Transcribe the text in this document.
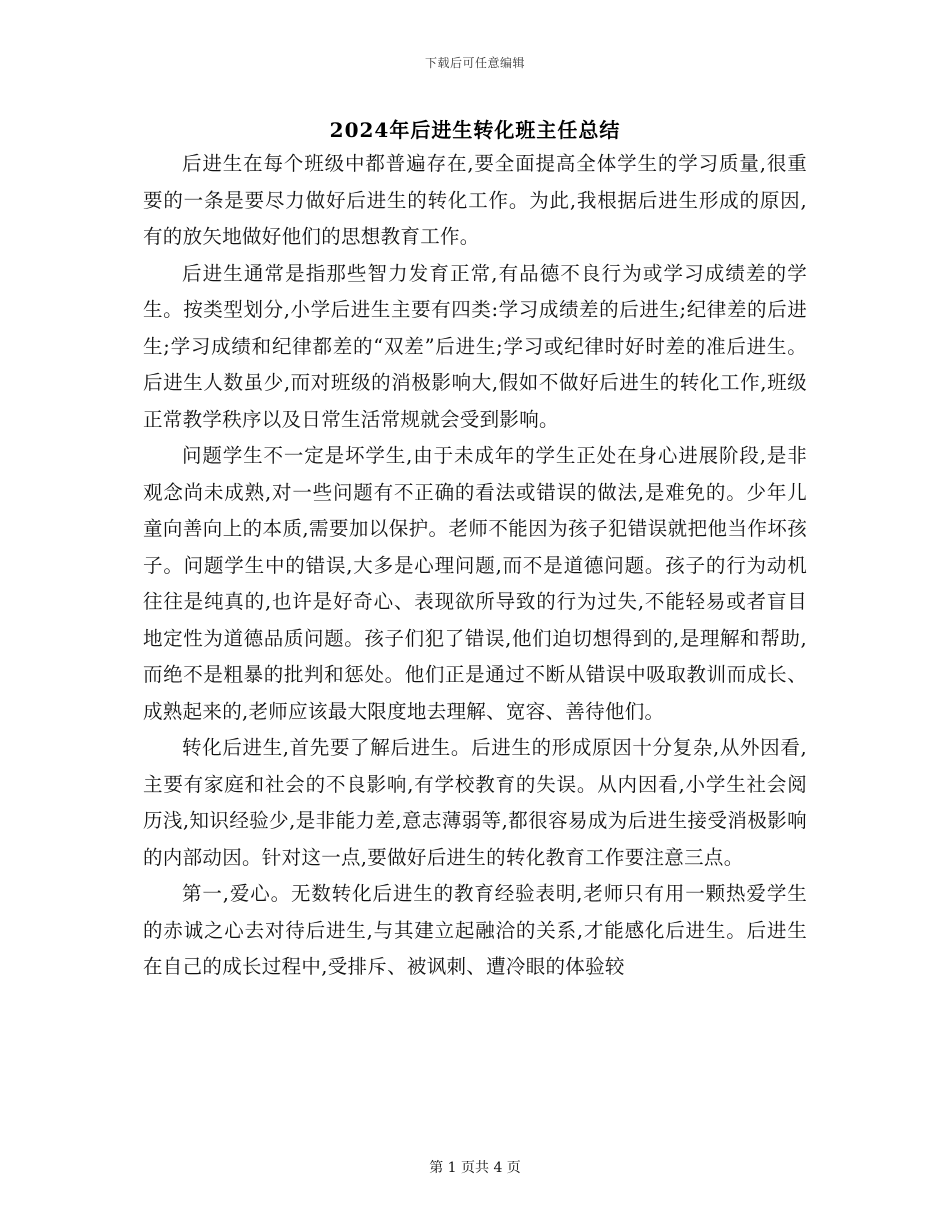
下载后可任意编辑
2024年后进生转化班主任总结

后进生在每个班级中都普遍存在,要全面提高全体学生的学习质量,很重要的一条是要尽力做好后进生的转化工作。为此,我根据后进生形成的原因,有的放矢地做好他们的思想教育工作。

后进生通常是指那些智力发育正常,有品德不良行为或学习成绩差的学生。按类型划分,小学后进生主要有四类:学习成绩差的后进生;纪律差的后进生;学习成绩和纪律都差的“双差”后进生;学习或纪律时好时差的准后进生。后进生人数虽少,而对班级的消极影响大,假如不做好后进生的转化工作,班级正常教学秩序以及日常生活常规就会受到影响。

问题学生不一定是坏学生,由于未成年的学生正处在身心进展阶段,是非观念尚未成熟,对一些问题有不正确的看法或错误的做法,是难免的。少年儿童向善向上的本质,需要加以保护。老师不能因为孩子犯错误就把他当作坏孩子。问题学生中的错误,大多是心理问题,而不是道德问题。孩子的行为动机往往是纯真的,也许是好奇心、表现欲所导致的行为过失,不能轻易或者盲目地定性为道德品质问题。孩子们犯了错误,他们迫切想得到的,是理解和帮助,而绝不是粗暴的批判和惩处。他们正是通过不断从错误中吸取教训而成长、成熟起来的,老师应该最大限度地去理解、宽容、善待他们。

转化后进生,首先要了解后进生。后进生的形成原因十分复杂,从外因看,主要有家庭和社会的不良影响,有学校教育的失误。从内因看,小学生社会阅历浅,知识经验少,是非能力差,意志薄弱等,都很容易成为后进生接受消极影响的内部动因。针对这一点,要做好后进生的转化教育工作要注意三点。

第一,爱心。无数转化后进生的教育经验表明,老师只有用一颗热爱学生的赤诚之心去对待后进生,与其建立起融洽的关系,才能感化后进生。后进生在自己的成长过程中,受排斥、被讽刺、遭冷眼的体验较

第 1 页共 4 页
